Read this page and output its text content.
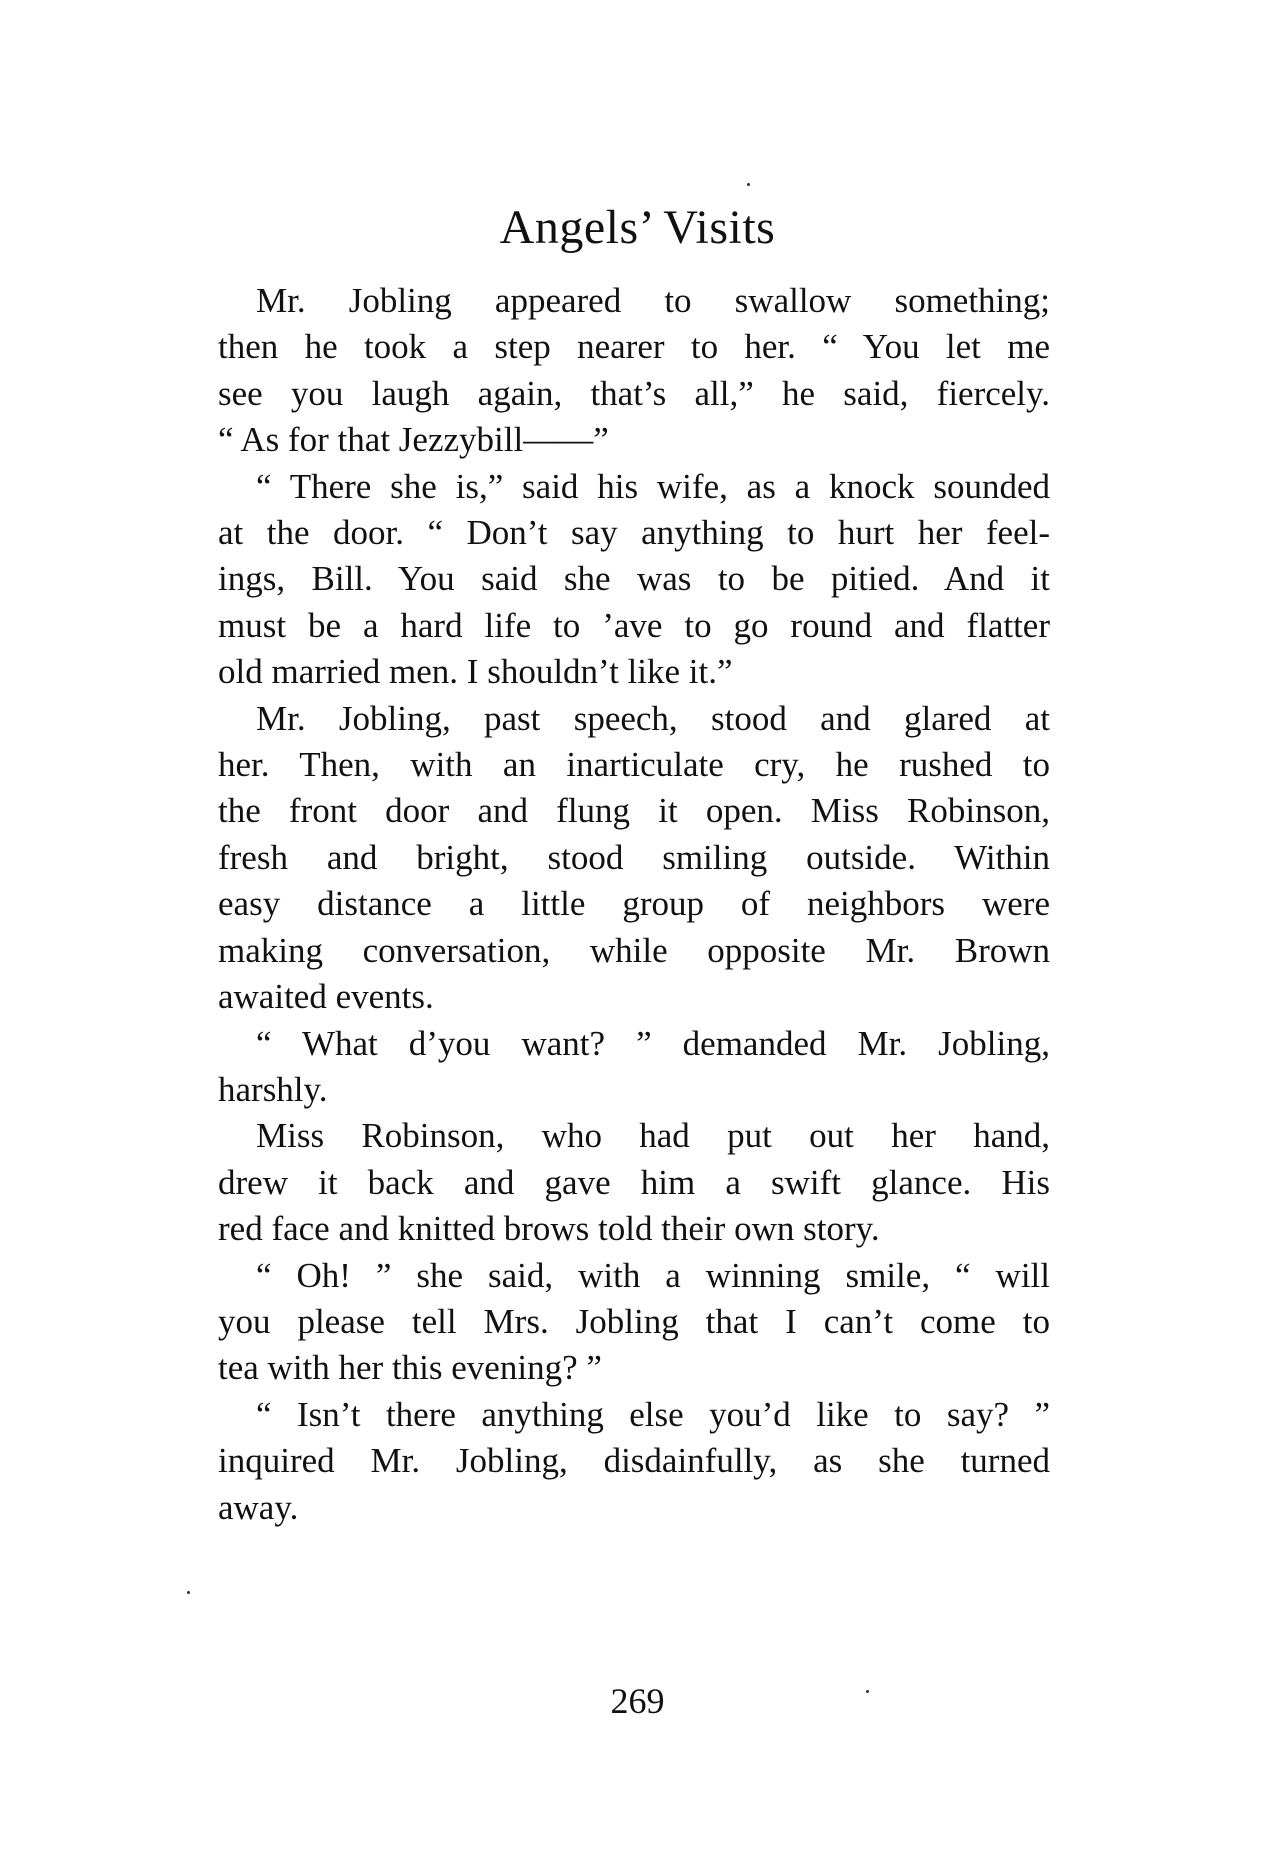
Angels’ Visits

Mr. Jobling appeared to swallow something;
then he took a step nearer to her. “ You let me
see you laugh again, that’s all,” he said, fiercely.
“ As for that Jezzybill——”

“ There she is,” said his wife, as a knock sounded
at the door. “ Don’t say anything to hurt her feel-
ings, Bill. You said she was to be pitied. And it
must be a hard life to ’ave to go round and flatter
old married men. I shouldn’t like it.”

Mr. Jobling, past speech, stood and glared at
her. Then, with an inarticulate cry, he rushed to
the front door and flung it open. Miss Robinson,
fresh and bright, stood smiling outside. Within
easy distance a little group of neighbors were
making conversation, while opposite Mr. Brown
awaited events.

“ What d’you want? ” demanded Mr. Jobling,
harshly.

Miss Robinson, who had put out her hand,
drew it back and gave him a swift glance. His
red face and knitted brows told their own story.

“ Oh! ” she said, with a winning smile, “ will
you please tell Mrs. Jobling that I can’t come to
tea with her this evening? ”

“ Isn’t there anything else you’d like to say? ”
inquired Mr. Jobling, disdainfully, as she turned
away.

269
